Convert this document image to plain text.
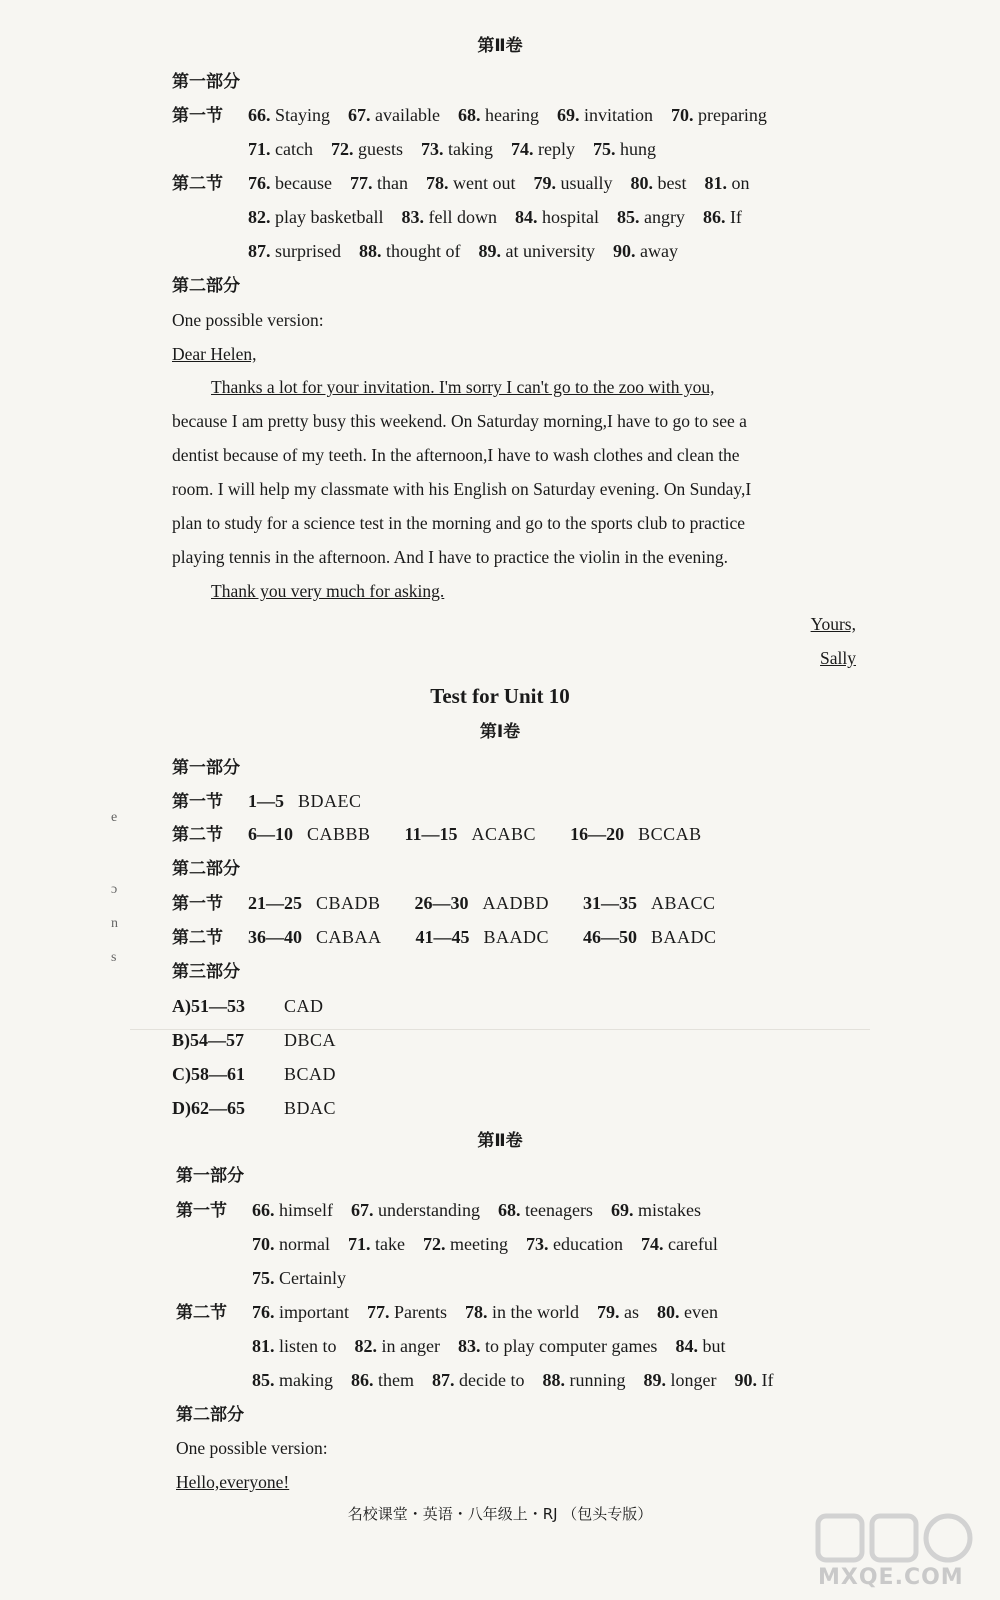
第Ⅱ卷
第一部分
第一节	66. Staying 67. available 68. hearing 69. invitation 70. preparing
71. catch 72. guests 73. taking 74. reply 75. hung
第二节	76. because 77. than 78. went out 79. usually 80. best 81. on
82. play basketball 83. fell down 84. hospital 85. angry 86. If
87. surprised 88. thought of 89. at university 90. away
第二部分
One possible version:
Dear Helen,
Thanks a lot for your invitation. I'm sorry I can't go to the zoo with you,
because I am pretty busy this weekend. On Saturday morning,I have to go to see a
dentist because of my teeth. In the afternoon,I have to wash clothes and clean the
room. I will help my classmate with his English on Saturday evening. On Sunday,I
plan to study for a science test in the morning and go to the sports club to practice
playing tennis in the afternoon. And I have to practice the violin in the evening.
Thank you very much for asking.
Yours,
Sally
Test for Unit 10
第Ⅰ卷
第一部分
第一节	1—5 BDAEC
第二节	6—10 CABBB 11—15 ACABC 16—20 BCCAB
第二部分
第一节	21—25 CBADB 26—30 AADBD 31—35 ABACC
第二节	36—40 CABAA 41—45 BAADC 46—50 BAADC
第三部分
A)51—53	CAD
B)54—57	DBCA
C)58—61	BCAD
D)62—65	BDAC
第Ⅱ卷
第一部分
第一节	66. himself 67. understanding 68. teenagers 69. mistakes
70. normal 71. take 72. meeting 73. education 74. careful
75. Certainly
第二节	76. important 77. Parents 78. in the world 79. as 80. even
81. listen to 82. in anger 83. to play computer games 84. but
85. making 86. them 87. decide to 88. running 89. longer 90. If
第二部分
One possible version:
Hello,everyone!
e
ɔ
n
s
名校课堂・英语・八年级上・RJ （包头专版）
MXQE.COM
